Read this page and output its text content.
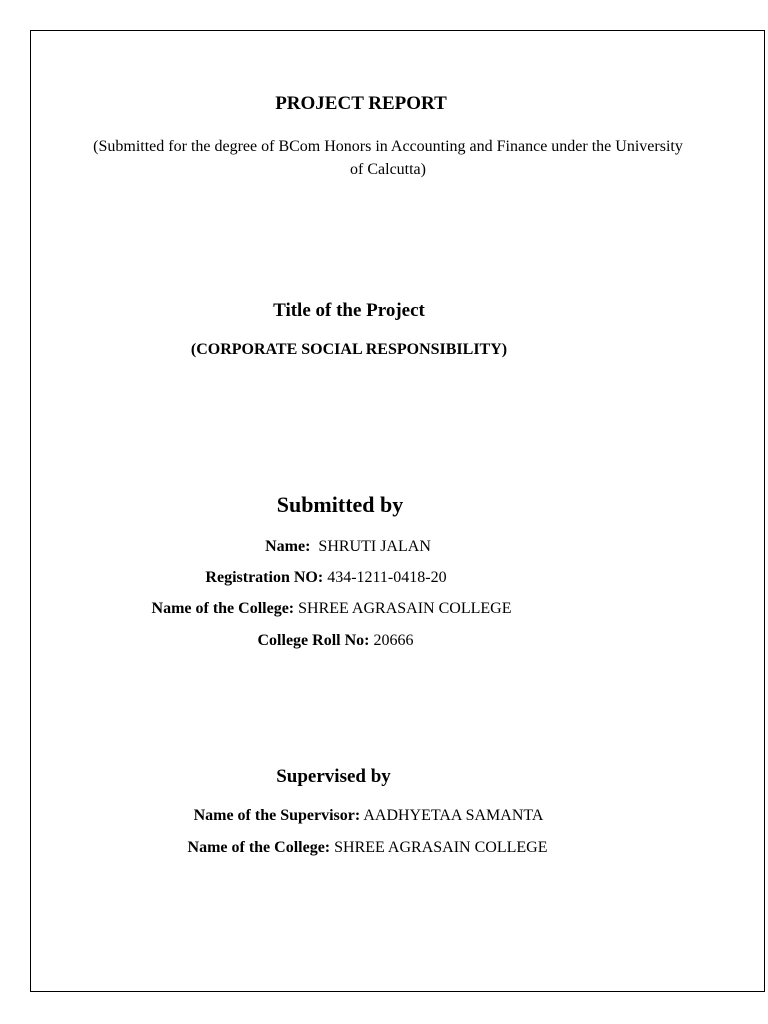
PROJECT REPORT
(Submitted for the degree of BCom Honors in Accounting and Finance under the University of Calcutta)
Title of the Project
(CORPORATE SOCIAL RESPONSIBILITY)
Submitted by
Name: SHRUTI JALAN
Registration NO: 434-1211-0418-20
Name of the College: SHREE AGRASAIN COLLEGE
College Roll No: 20666
Supervised by
Name of the Supervisor: AADHYETAA SAMANTA
Name of the College: SHREE AGRASAIN COLLEGE
